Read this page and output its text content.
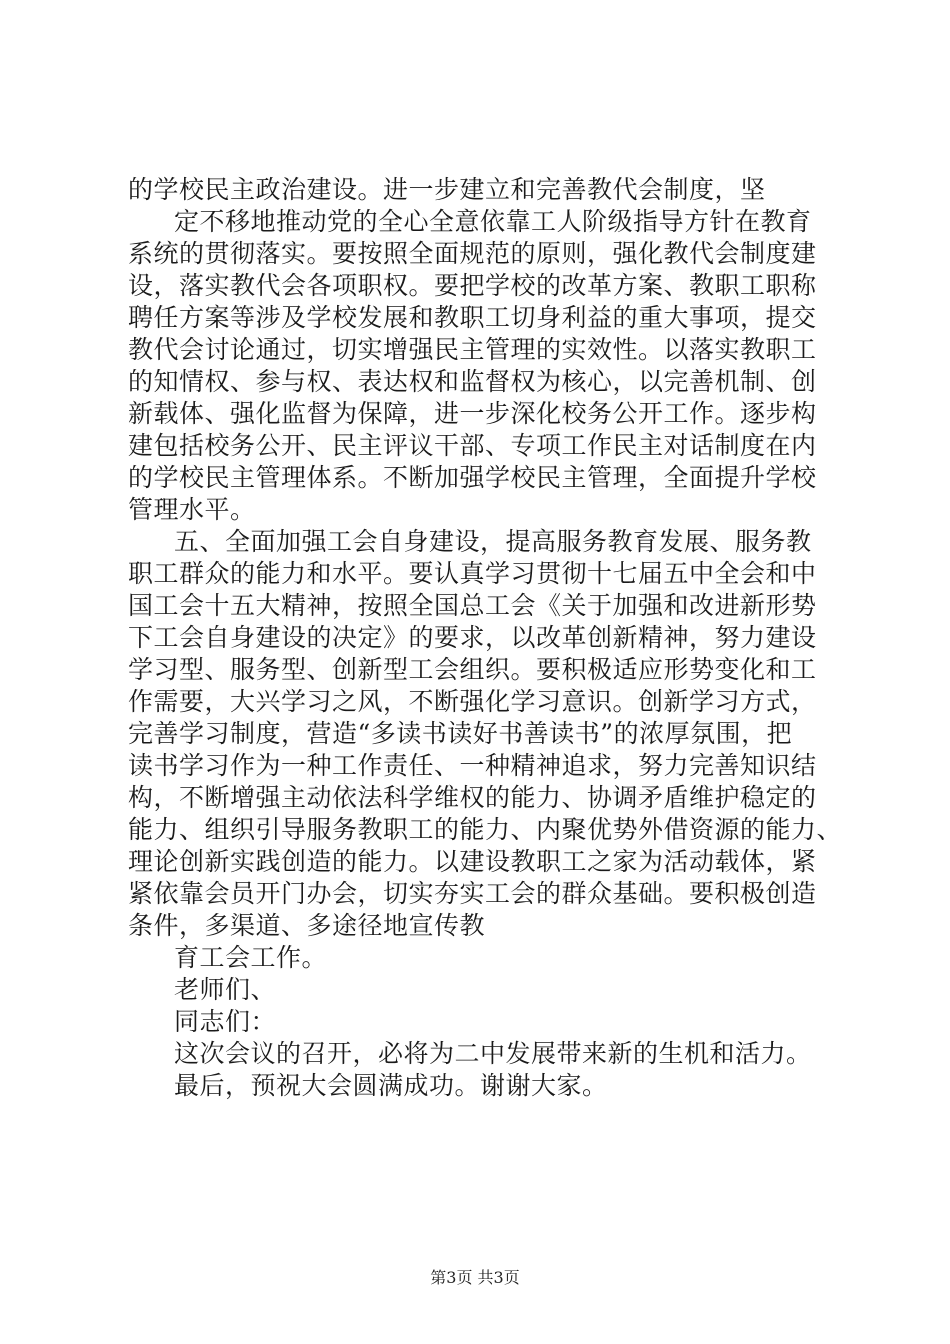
的学校民主政治建设。进一步建立和完善教代会制度，坚
定不移地推动党的全心全意依靠工人阶级指导方针在教育
系统的贯彻落实。要按照全面规范的原则，强化教代会制度建
设，落实教代会各项职权。要把学校的改革方案、教职工职称
聘任方案等涉及学校发展和教职工切身利益的重大事项，提交
教代会讨论通过，切实增强民主管理的实效性。以落实教职工
的知情权、参与权、表达权和监督权为核心，以完善机制、创
新载体、强化监督为保障，进一步深化校务公开工作。逐步构
建包括校务公开、民主评议干部、专项工作民主对话制度在内
的学校民主管理体系。不断加强学校民主管理，全面提升学校
管理水平。
五、全面加强工会自身建设，提高服务教育发展、服务教
职工群众的能力和水平。要认真学习贯彻十七届五中全会和中
国工会十五大精神，按照全国总工会《关于加强和改进新形势
下工会自身建设的决定》的要求，以改革创新精神，努力建设
学习型、服务型、创新型工会组织。要积极适应形势变化和工
作需要，大兴学习之风，不断强化学习意识。创新学习方式，
完善学习制度，营造“多读书读好书善读书”的浓厚氛围，把
读书学习作为一种工作责任、一种精神追求，努力完善知识结
构，不断增强主动依法科学维权的能力、协调矛盾维护稳定的
能力、组织引导服务教职工的能力、内聚优势外借资源的能力、
理论创新实践创造的能力。以建设教职工之家为活动载体，紧
紧依靠会员开门办会，切实夯实工会的群众基础。要积极创造
条件，多渠道、多途径地宣传教
育工会工作。
老师们、
同志们：
这次会议的召开，必将为二中发展带来新的生机和活力。
最后，预祝大会圆满成功。谢谢大家。
第3页 共3页
